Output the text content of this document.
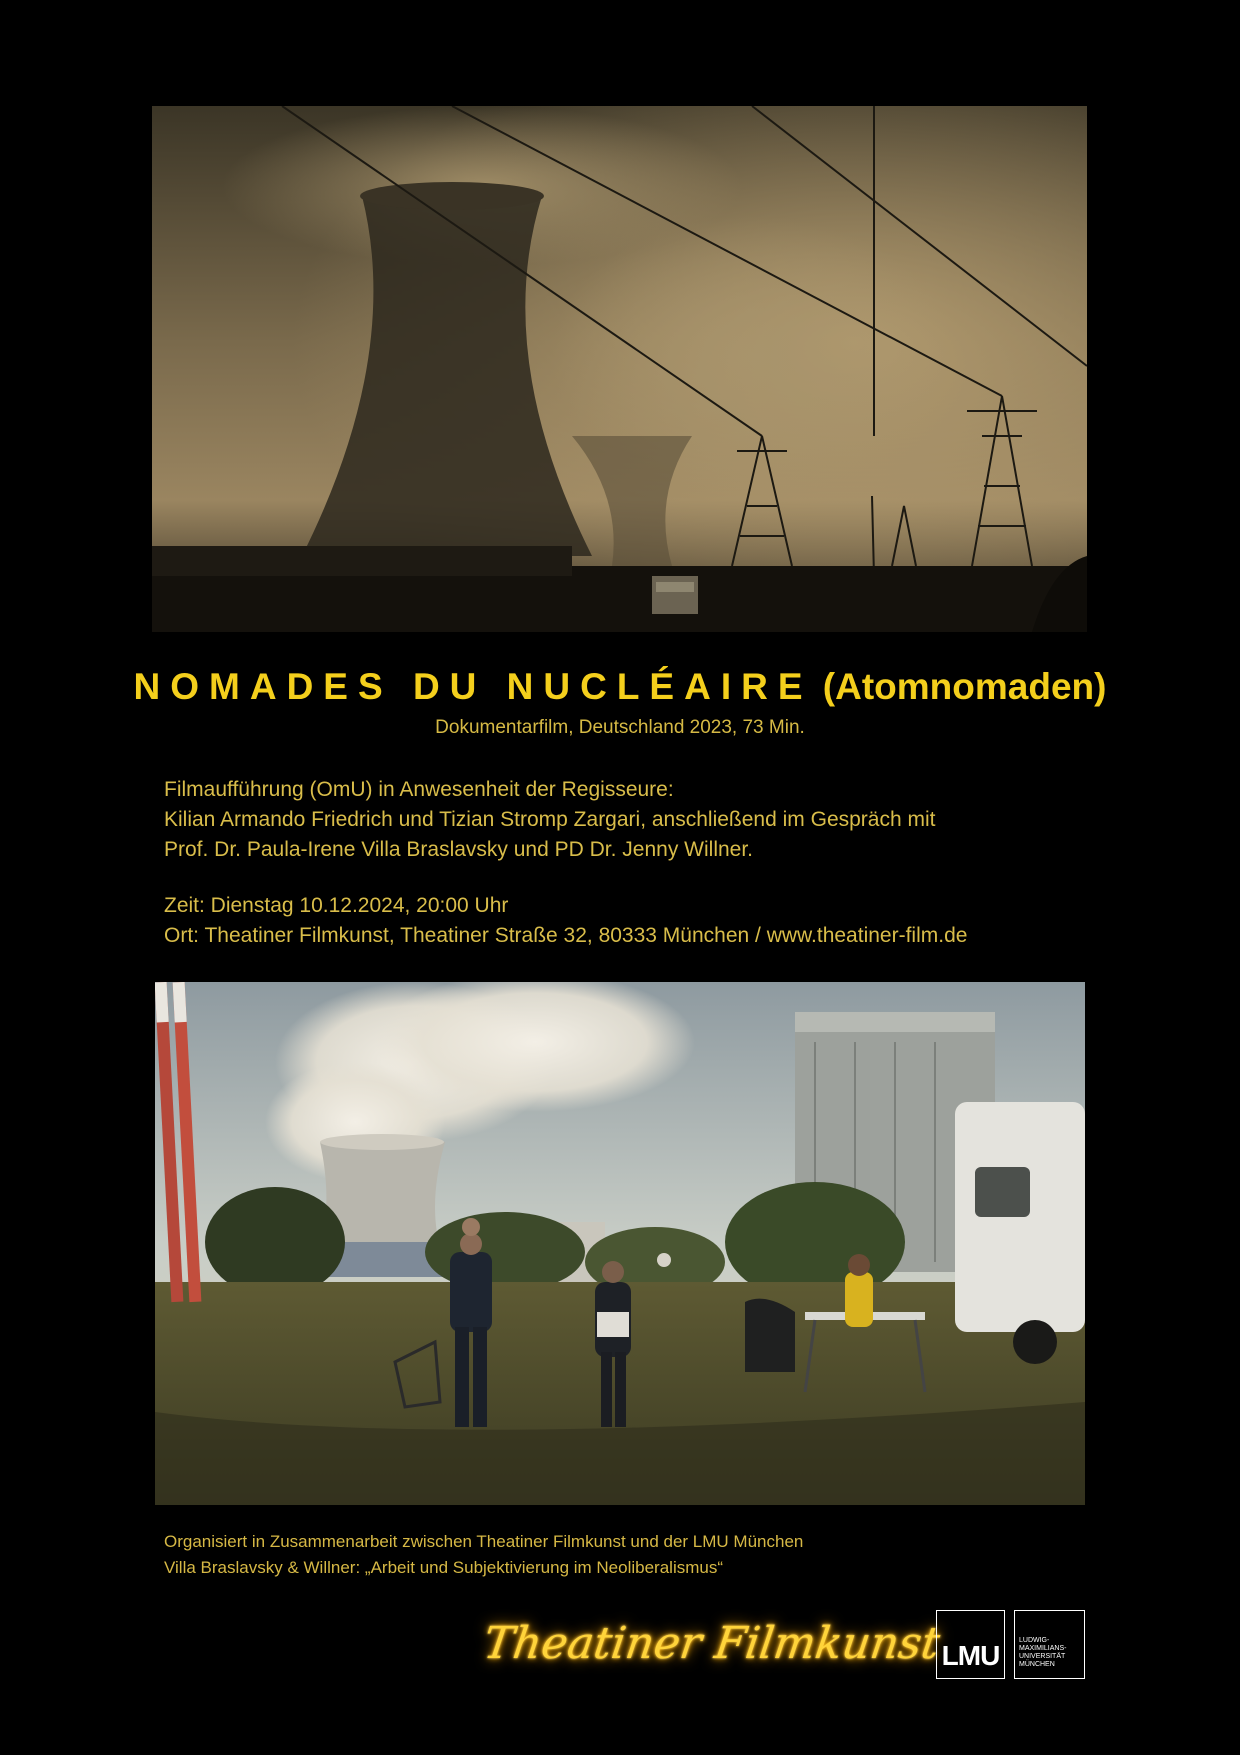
NOMADES DU NUCLÉAIRE (Atomnomaden)
Dokumentarfilm, Deutschland 2023, 73 Min.
Filmaufführung (OmU) in Anwesenheit der Regisseure:
Kilian Armando Friedrich und Tizian Stromp Zargari, anschließend im Gespräch mit
Prof. Dr. Paula-Irene Villa Braslavsky und PD Dr. Jenny Willner.
Zeit: Dienstag 10.12.2024, 20:00 Uhr
Ort: Theatiner Filmkunst, Theatiner Straße 32, 80333 München / www.theatiner-film.de
Organisiert in Zusammenarbeit zwischen Theatiner Filmkunst und der LMU München
Villa Braslavsky & Willner: „Arbeit und Subjektivierung im Neoliberalismus“
Theatiner Filmkunst
LMU	LUDWIG-
MAXIMILIANS-
UNIVERSITÄT
MÜNCHEN
